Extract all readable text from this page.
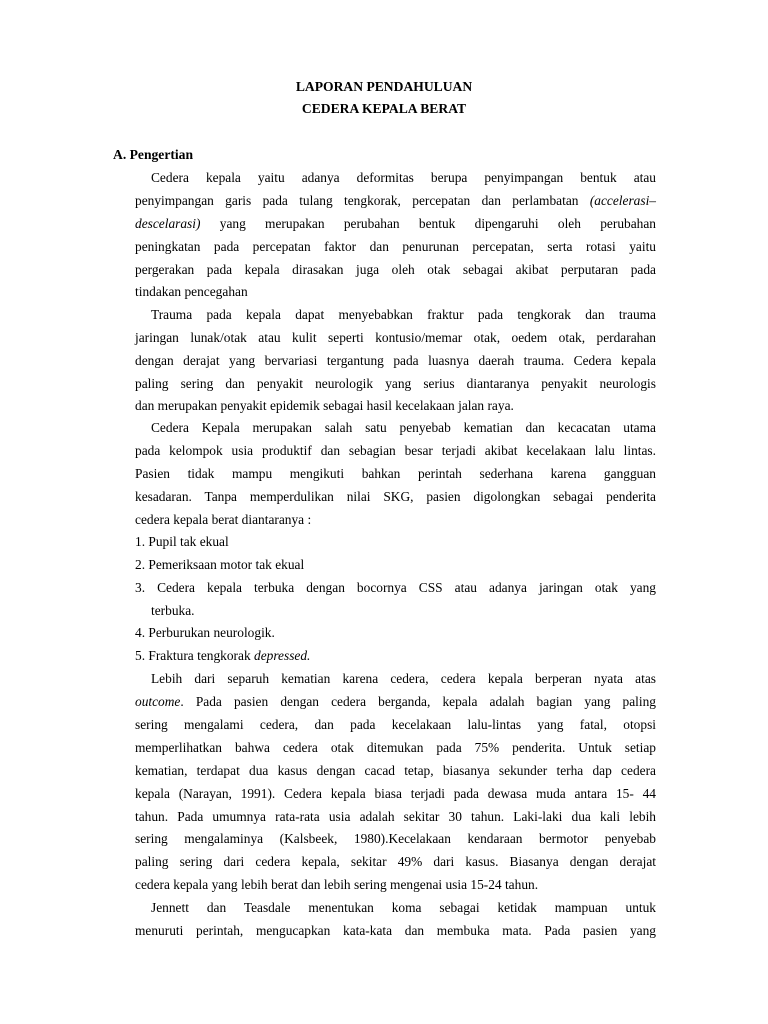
LAPORAN PENDAHULUAN
CEDERA KEPALA BERAT
A. Pengertian
Cedera kepala yaitu adanya deformitas berupa penyimpangan bentuk atau
penyimpangan garis pada tulang tengkorak, percepatan dan perlambatan (accelerasi–
descelarasi) yang merupakan perubahan bentuk dipengaruhi oleh perubahan
peningkatan pada percepatan faktor dan penurunan percepatan, serta rotasi yaitu
pergerakan pada kepala dirasakan juga oleh otak sebagai akibat perputaran pada
tindakan pencegahan
Trauma pada kepala dapat menyebabkan fraktur pada tengkorak dan trauma
jaringan lunak/otak atau kulit seperti kontusio/memar otak, oedem otak, perdarahan
dengan derajat yang bervariasi tergantung pada luasnya daerah trauma. Cedera kepala
paling sering dan penyakit neurologik yang serius diantaranya penyakit neurologis
dan merupakan penyakit epidemik sebagai hasil kecelakaan jalan raya.
Cedera Kepala merupakan salah satu penyebab kematian dan kecacatan utama
pada kelompok usia produktif dan sebagian besar terjadi akibat kecelakaan lalu lintas.
Pasien tidak mampu mengikuti bahkan perintah sederhana karena gangguan
kesadaran. Tanpa memperdulikan nilai SKG, pasien digolongkan sebagai penderita
cedera kepala berat diantaranya :
1. Pupil tak ekual
2. Pemeriksaan motor tak ekual
3. Cedera kepala terbuka dengan bocornya CSS atau adanya jaringan otak yang
terbuka.
4. Perburukan neurologik.
5. Fraktura tengkorak depressed.
Lebih dari separuh kematian karena cedera, cedera kepala berperan nyata atas
outcome. Pada pasien dengan cedera berganda, kepala adalah bagian yang paling
sering mengalami cedera, dan pada kecelakaan lalu-lintas yang fatal, otopsi
memperlihatkan bahwa cedera otak ditemukan pada 75% penderita. Untuk setiap
kematian, terdapat dua kasus dengan cacad tetap, biasanya sekunder terha dap cedera
kepala (Narayan, 1991). Cedera kepala biasa terjadi pada dewasa muda antara 15- 44
tahun. Pada umumnya rata-rata usia adalah sekitar 30 tahun. Laki-laki dua kali lebih
sering mengalaminya (Kalsbeek, 1980).Kecelakaan kendaraan bermotor penyebab
paling sering dari cedera kepala, sekitar 49% dari kasus. Biasanya dengan derajat
cedera kepala yang lebih berat dan lebih sering mengenai usia 15-24 tahun.
Jennett dan Teasdale menentukan koma sebagai ketidak mampuan untuk
menuruti perintah, mengucapkan kata-kata dan membuka mata. Pada pasien yang
